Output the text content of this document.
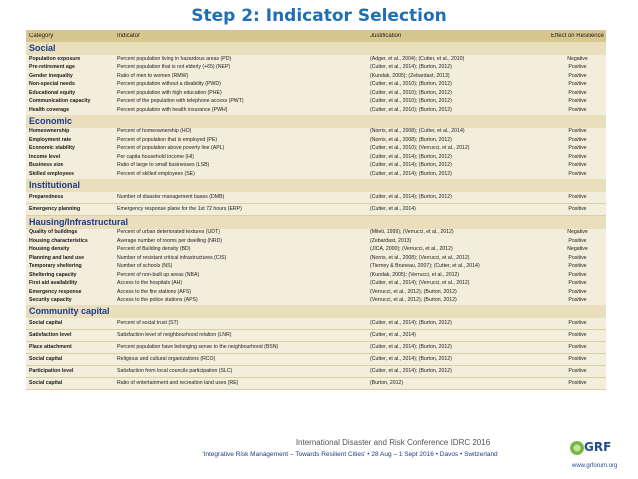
Step 2: Indicator Selection
Category	Indicator	Justification	Effect on Resilience
Social
Population exposure	Percent population living in hazardous areas (PD)	(Adger, et al., 2004); (Cutter, et al., 2010)	Negative
Pre-retirement age	Percent population that is not elderly (+65) (NEP)	(Cutter, et al., 2014); (Burton, 2012)	Positive
Gender inequality	Ratio of men to women (RMW)	(Kundak, 2005); (Zebardast, 2013)	Positive
Non-special needs	Percent population without a disability (PWD)	(Cutter, et al., 2010); (Burton, 2012)	Positive
Educational equity	Percent population with high education (PHE)	(Cutter, et al., 2010); (Burton, 2012)	Positive
Communication capacity	Percent of the population with telephone access (PWT)	(Cutter, et al., 2010); (Burton, 2012)	Positive
Health coverage	Percent population with health insurance (PWH)	(Cutter, et al., 2010); (Burton, 2012)	Positive
Economic
Homeownership	Percent of homeownership (HO)	(Norris, et al., 2008); (Cutter, et al., 2014)	Positive
Employment rate	Percent of population that is employed (PE)	(Norris, et al., 2008); (Burton, 2012)	Positive
Economic stability	Percent of population above poverty line (APL)	(Cutter, et al., 2010); (Verrucci, et al., 2012)	Positive
Income level	Per capita household income (HI)	(Cutter, et al., 2014); (Burton, 2012)	Positive
Business size	Ratio of large to small businesses (LSB)	(Cutter, et al., 2014); (Burton, 2012)	Positive
Skilled employees	Percent of skilled employees (SE)	(Cutter, et al., 2014); (Burton, 2012)	Positive
Institutional
Preparedness	Number of disaster management bases (DMB)	(Cutter, et al., 2014); (Burton, 2012)	Positive
Emergency planning	Emergency response plane for the 1st 72 hours (ERP)	(Cutter, et al., 2014)	Positive
Hausing/Infrastructural
Quality of buildings	Percent of urban deteriorated textures (UDT)	(Mileti, 1999); (Verrucci, et al., 2012)	Negative
Housing characteristics	Average number of rooms per dwelling (NRD)	(Zebardast, 2013)	Positive
Housing density	Percent of Building density (BD)	(JICA, 2000); (Verrucci, et al., 2012)	Negative
Planning and land use	Number of resistant critical infrastructures (CIS)	(Norris, et al., 2008); (Verrucci, et al., 2012)	Positive
Temporary sheltering	Number of schools (NS)	(Tierney & Bruneau, 2007); (Cutter, et al., 2014)	Positive
Sheltering capacity	Percent of non-built up areas (NBA)	(Kundak, 2005); (Verrucci, et al., 2012)	Positive
First aid availability	Access to the hospitals (AH)	(Cutter, et al., 2014); (Verrucci, et al., 2012)	Positive
Emergency response	Access to the fire stations (AFS)	(Verrucci, et al., 2012); (Burton, 2012)	Positive
Security capacity	Access to the police stations (APS)	(Verrucci, et al., 2012); (Burton, 2012)	Positive
Community capital
Social capital	Percent of social trust (ST)	(Cutter, et al., 2014); (Burton, 2012)	Positive
Satisfaction level	Satisfaction level of neighbourhood relation (LNR)	(Cutter, et al., 2014)	Positive
Place attachment	Percent population have belonging sense to the neighbourhood (BSN)	(Cutter, et al., 2014); (Burton, 2012)	Positive
Social capital	Religious and cultural organizations (RCO)	(Cutter, et al., 2014); (Burton, 2012)	Positive
Participation level	Satisfaction from local councils participation (SLC)	(Cutter, et al., 2014); (Burton, 2012)	Positive
Social capital	Ratio of entertainment and recreation land uses (RE)	(Burton, 2012)	Positive
International Disaster and Risk Conference IDRC 2016
'Integrative Risk Management – Towards Resilient Cities' • 28 Aug – 1 Sept 2016 • Davos • Switzerland
GRF
www.grforum.org
